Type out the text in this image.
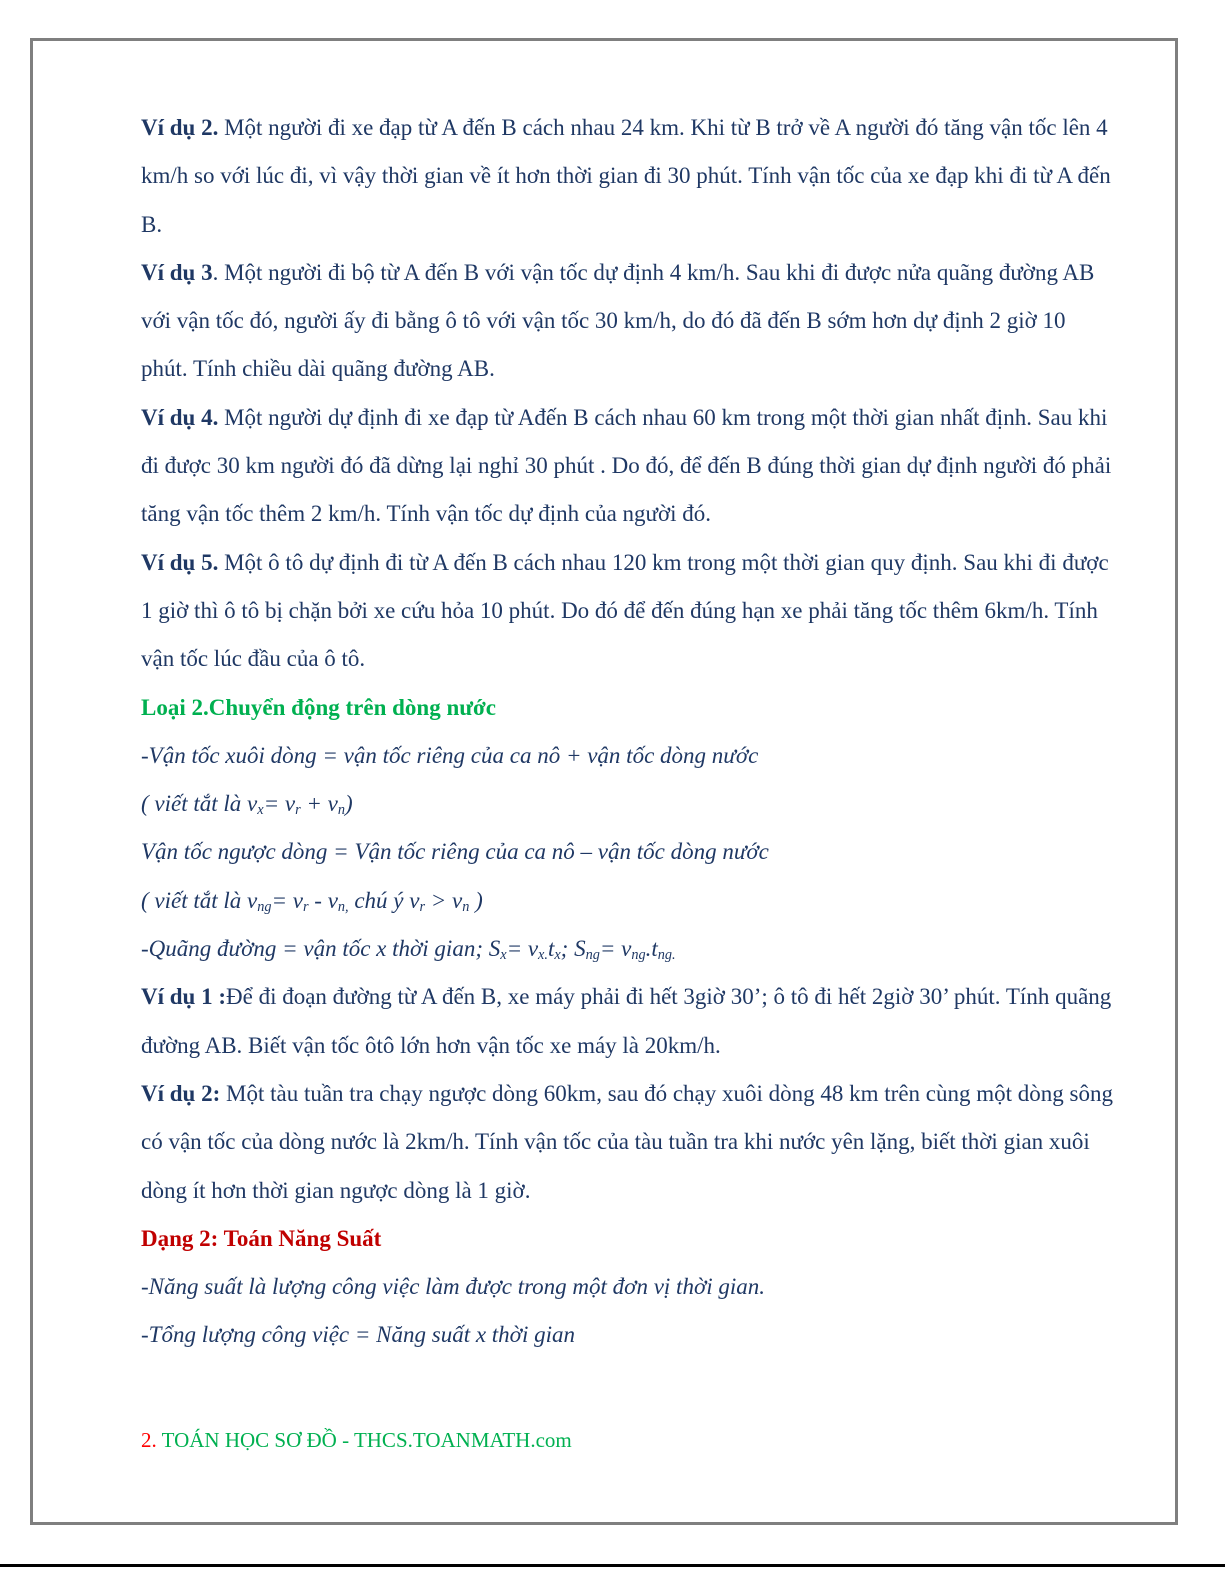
Ví dụ 2. Một người đi xe đạp từ A đến B cách nhau 24 km. Khi từ B trở về A người đó tăng vận tốc lên 4 km/h so với lúc đi, vì vậy thời gian về ít hơn thời gian đi 30 phút. Tính vận tốc của xe đạp khi đi từ A đến B.

Ví dụ 3. Một người đi bộ từ A đến B với vận tốc dự định 4 km/h. Sau khi đi được nửa quãng đường AB với vận tốc đó, người ấy đi bằng ô tô với vận tốc 30 km/h, do đó đã đến B sớm hơn dự định 2 giờ 10 phút. Tính chiều dài quãng đường AB.

Ví dụ 4. Một người dự định đi xe đạp từ Ađến B cách nhau 60 km trong một thời gian nhất định. Sau khi đi được 30 km người đó đã dừng lại nghỉ 30 phút . Do đó, để đến B đúng thời gian dự định người đó phải tăng vận tốc thêm 2 km/h. Tính vận tốc dự định của người đó.

Ví dụ 5. Một ô tô dự định đi từ A đến B cách nhau 120 km trong một thời gian quy định. Sau khi đi được 1 giờ thì ô tô bị chặn bởi xe cứu hỏa 10 phút. Do đó để đến đúng hạn xe phải tăng tốc thêm 6km/h. Tính vận tốc lúc đầu của ô tô.

Loại 2.Chuyển động trên dòng nước

-Vận tốc xuôi dòng = vận tốc riêng của ca nô + vận tốc dòng nước

( viết tắt là $v_x= v_r + v_n$)

Vận tốc ngược dòng = Vận tốc riêng của ca nô – vận tốc dòng nước

( viết tắt là $v_{ng}= v_r - v_{n,}$ chú ý $v_r > v_n$ )

-Quãng đường = vận tốc x thời gian; $S_x= v_{x.}t_x$; $S_{ng}= v_{ng}.t_{ng.}$

Ví dụ 1 :Để đi đoạn đường từ A đến B, xe máy phải đi hết 3giờ 30’; ô tô đi hết 2giờ 30’ phút. Tính quãng đường AB. Biết vận tốc ôtô lớn hơn vận tốc xe máy là 20km/h.

Ví dụ 2: Một tàu tuần tra chạy ngược dòng 60km, sau đó chạy xuôi dòng 48 km trên cùng một dòng sông có vận tốc của dòng nước là 2km/h. Tính vận tốc của tàu tuần tra khi nước yên lặng, biết thời gian xuôi dòng ít hơn thời gian ngược dòng là 1 giờ.

Dạng 2: Toán Năng Suất

-Năng suất là lượng công việc làm được trong một đơn vị thời gian.

-Tổng lượng công việc = Năng suất x thời gian

2. TOÁN HỌC SƠ ĐỒ - THCS.TOANMATH.com
